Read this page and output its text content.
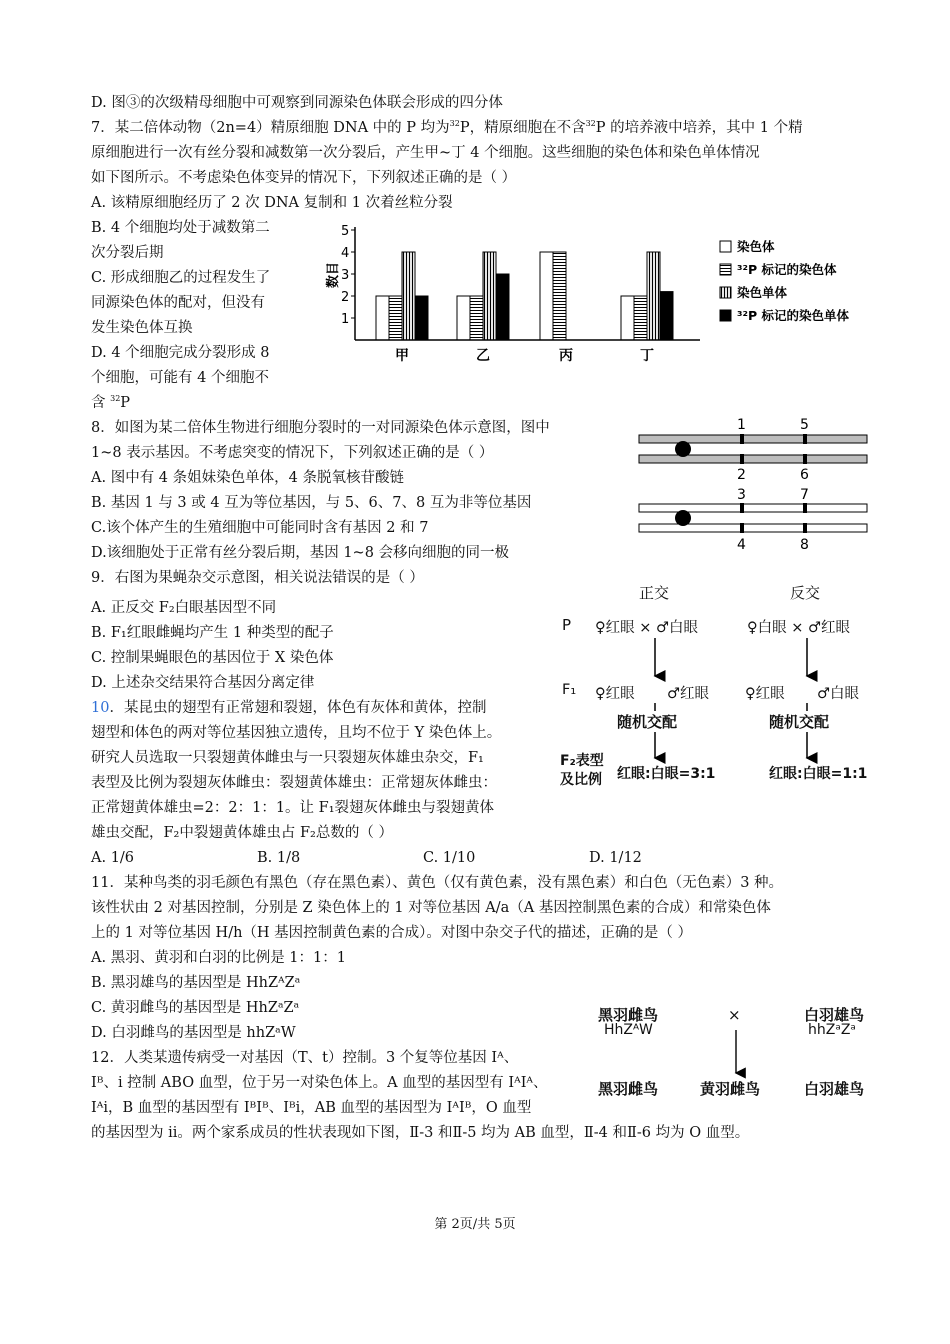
D. 图③的次级精母细胞中可观察到同源染色体联会形成的四分体
7．某二倍体动物（2n=4）精原细胞 DNA 中的 P 均为$^{32}$P，精原细胞在不含$^{32}$P 的培养液中培养，其中 1 个精
原细胞进行一次有丝分裂和减数第一次分裂后，产生甲~丁 4 个细胞。这些细胞的染色体和染色单体情况
如下图所示。不考虑染色体变异的情况下，下列叙述正确的是（ ）
A. 该精原细胞经历了 2 次 DNA 复制和 1 次着丝粒分裂
B. 4 个细胞均处于减数第二
次分裂后期
C. 形成细胞乙的过程发生了
同源染色体的配对，但没有
发生染色体互换
D. 4 个细胞完成分裂形成 8
个细胞，可能有 4 个细胞不
含 $^{32}$P
8．如图为某二倍体生物进行细胞分裂时的一对同源染色体示意图，图中
1~8 表示基因。不考虑突变的情况下，下列叙述正确的是（ ）
A. 图中有 4 条姐妹染色单体，4 条脱氧核苷酸链
B. 基因 1 与 3 或 4 互为等位基因，与 5、6、7、8 互为非等位基因
C.该个体产生的生殖细胞中可能同时含有基因 2 和 7
D.该细胞处于正常有丝分裂后期，基因 1~8 会移向细胞的同一极
9．右图为果蝇杂交示意图，相关说法错误的是（ ）
A. 正反交 F₂白眼基因型不同
B. F₁红眼雌蝇均产生 1 种类型的配子
C. 控制果蝇眼色的基因位于 X 染色体
D. 上述杂交结果符合基因分离定律
10．某昆虫的翅型有正常翅和裂翅，体色有灰体和黄体，控制
翅型和体色的两对等位基因独立遗传，且均不位于 Y 染色体上。
研究人员选取一只裂翅黄体雌虫与一只裂翅灰体雄虫杂交，F₁
表型及比例为裂翅灰体雌虫：裂翅黄体雄虫：正常翅灰体雌虫：
正常翅黄体雄虫=2：2：1：1。让 F₁裂翅灰体雌虫与裂翅黄体
雄虫交配，F₂中裂翅黄体雄虫占 F₂总数的（ ）
A. 1/6	B. 1/8	C. 1/10	D. 1/12
11．某种鸟类的羽毛颜色有黑色（存在黑色素）、黄色（仅有黄色素，没有黑色素）和白色（无色素）3 种。
该性状由 2 对基因控制，分别是 Z 染色体上的 1 对等位基因 A/a（A 基因控制黑色素的合成）和常染色体
上的 1 对等位基因 H/h（H 基因控制黄色素的合成）。对图中杂交子代的描述，正确的是（ ）
A. 黑羽、黄羽和白羽的比例是 1：1：1
B. 黑羽雄鸟的基因型是 HhZᴬZᵃ
C. 黄羽雌鸟的基因型是 HhZᵃZᵃ
D. 白羽雌鸟的基因型是 hhZᵃW
12．人类某遗传病受一对基因（T、t）控制。3 个复等位基因 Iᴬ、
Iᴮ、i 控制 ABO 血型，位于另一对染色体上。A 血型的基因型有 IᴬIᴬ、
Iᴬi，B 血型的基因型有 IᴮIᴮ、Iᴮi，AB 血型的基因型为 IᴬIᴮ，O 血型
的基因型为 ii。两个家系成员的性状表现如下图，Ⅱ-3 和Ⅱ-5 均为 AB 血型，Ⅱ-4 和Ⅱ-6 均为 O 血型。
数目
染色体
³²P 标记的染色体
染色单体
³²P 标记的染色单体
1
2
3
4
5
甲	乙	丙	丁
1	5
2	6
3	7
4	8
正交	反交
P ♀红眼 × ♂白眼	♀白眼 × ♂红眼
F₁ ♀红眼 ♂红眼 ♀红眼 ♂白眼
随机交配	随机交配
F₂表型
及比例 红眼:白眼=3:1	红眼:白眼=1:1
黑羽雌鸟
HhZᴬW
×	白羽雄鸟
hhZᵃZᵃ
黑羽雌鸟	黄羽雌鸟	白羽雄鸟
第 2页/共 5页
